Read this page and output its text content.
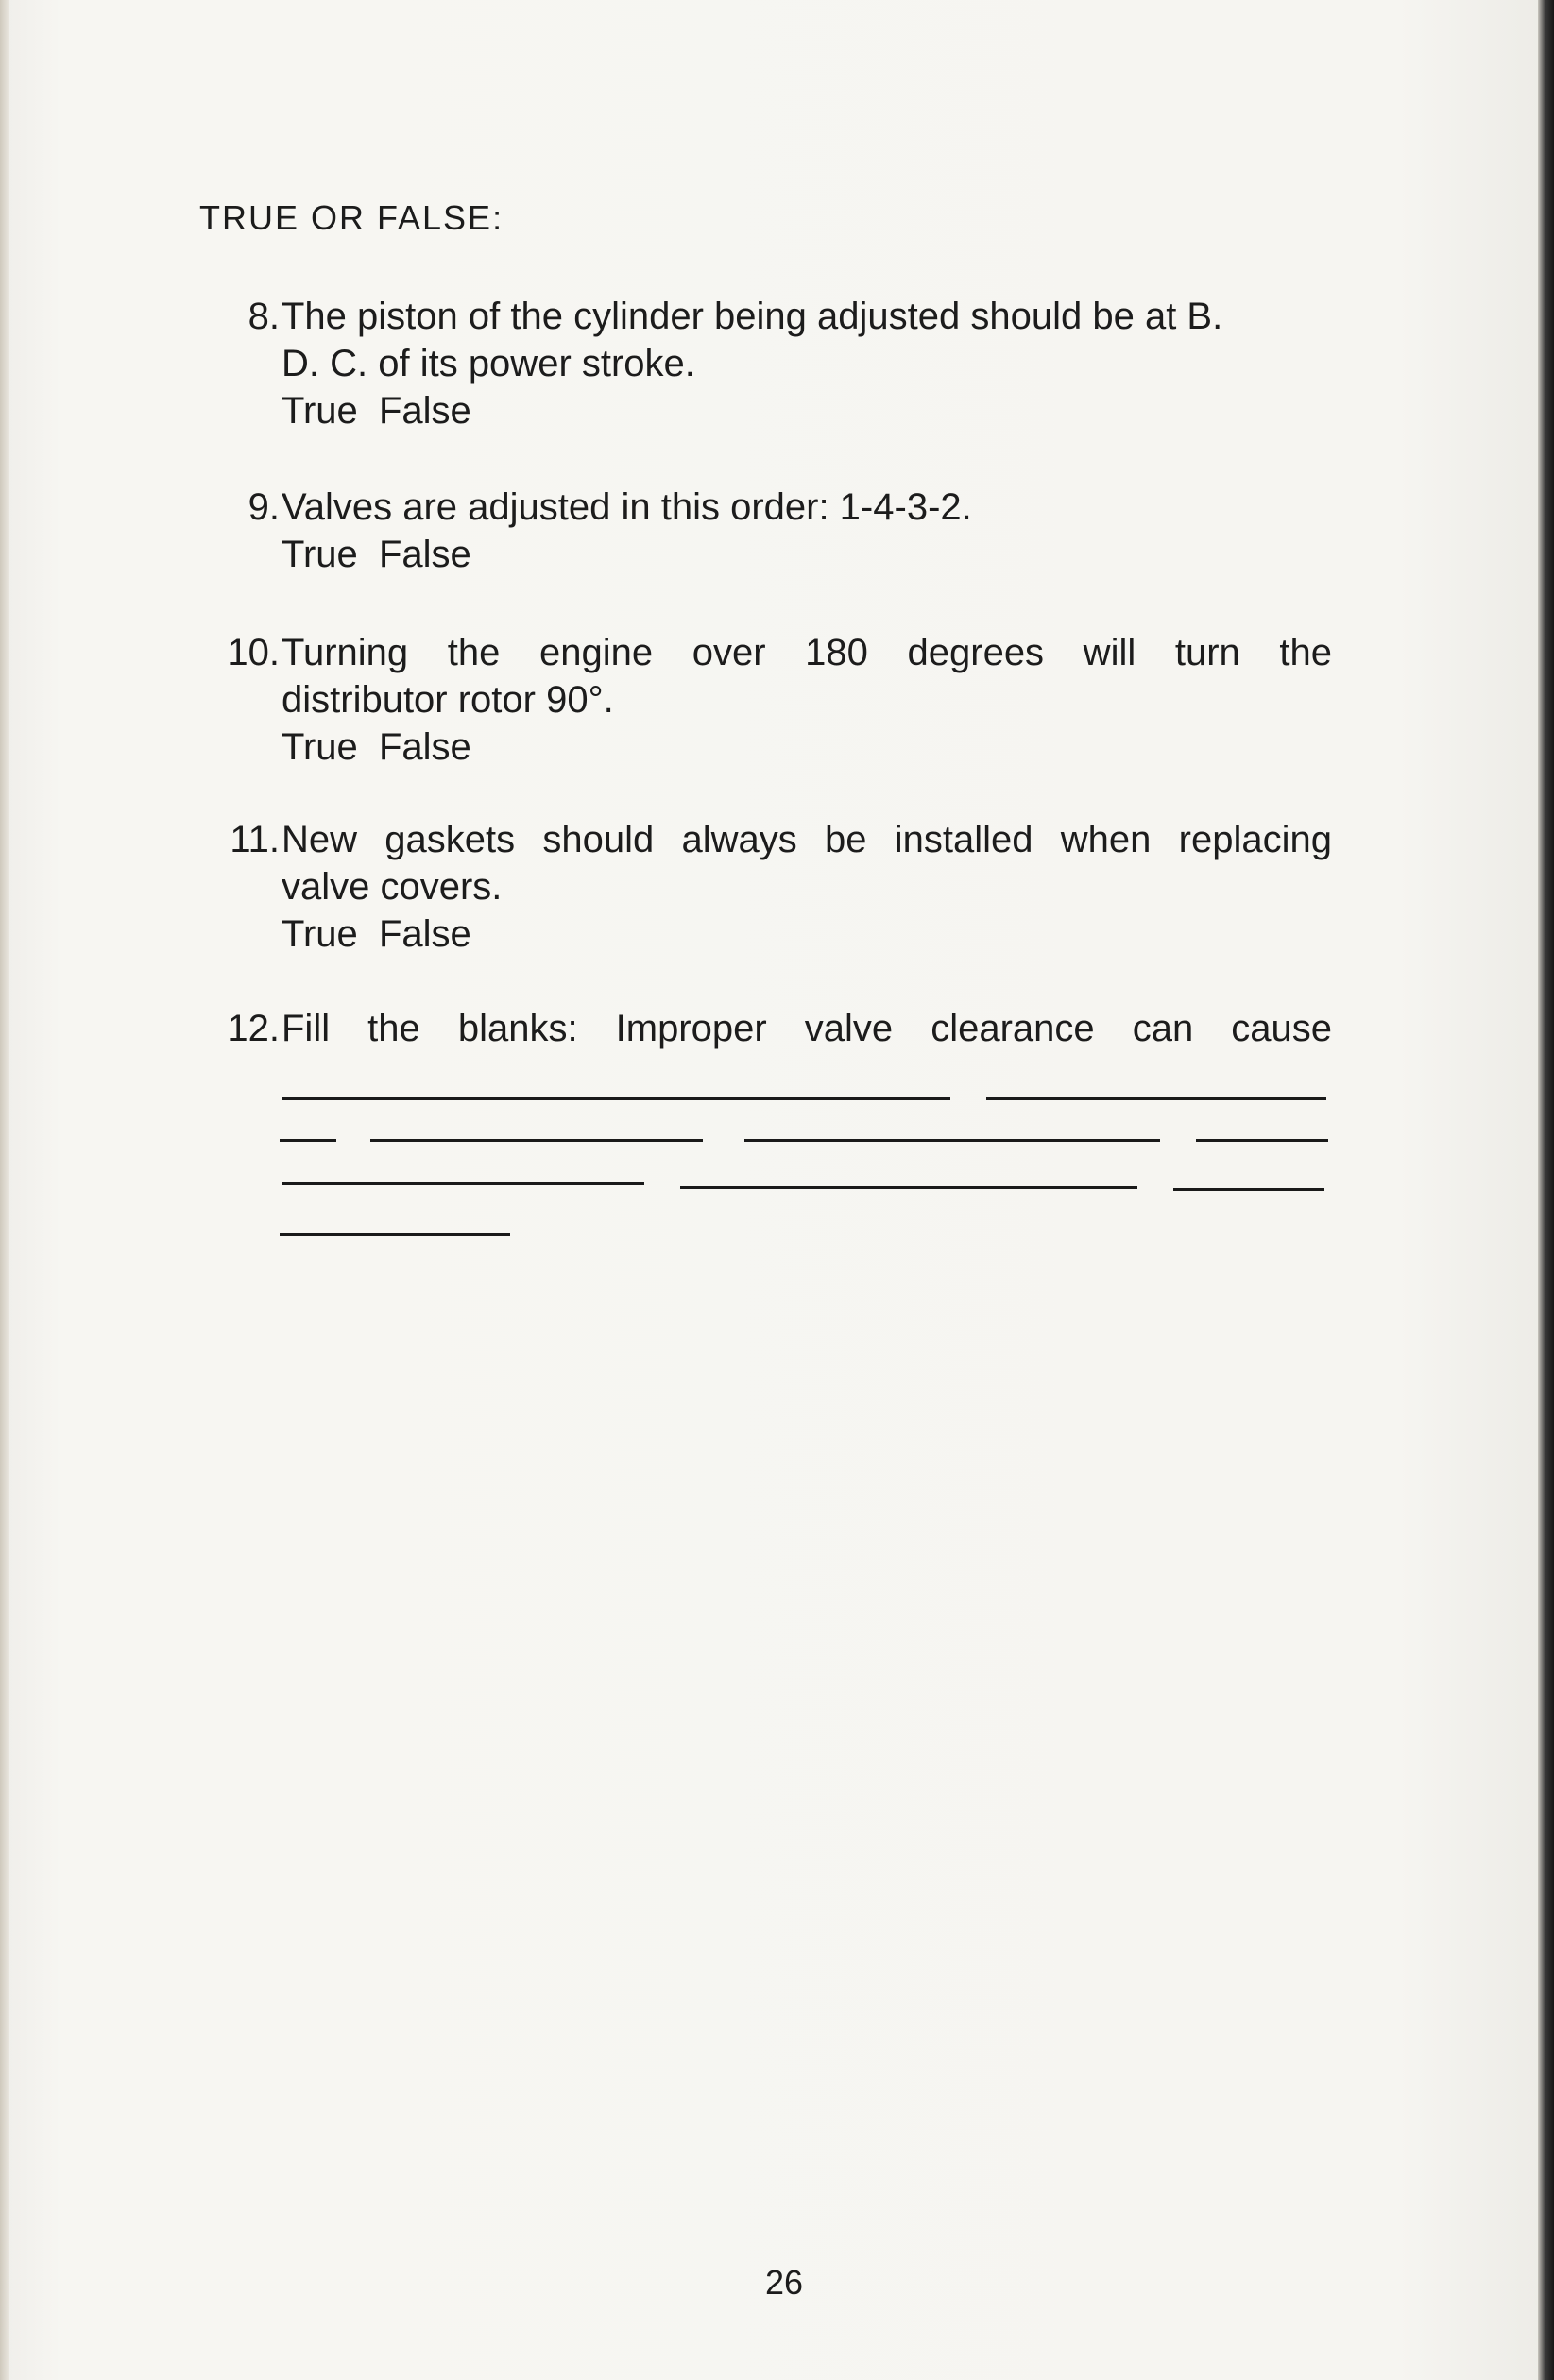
TRUE OR FALSE:
8. The piston of the cylinder being adjusted should be at B.
D. C. of its power stroke.
True  False
9. Valves are adjusted in this order: 1-4-3-2.
True  False
10. Turning the engine over 180 degrees will turn the
distributor rotor 90°.
True  False
11. New gaskets should always be installed when replacing
valve covers.
True  False
12. Fill the blanks: Improper valve clearance can cause

26
